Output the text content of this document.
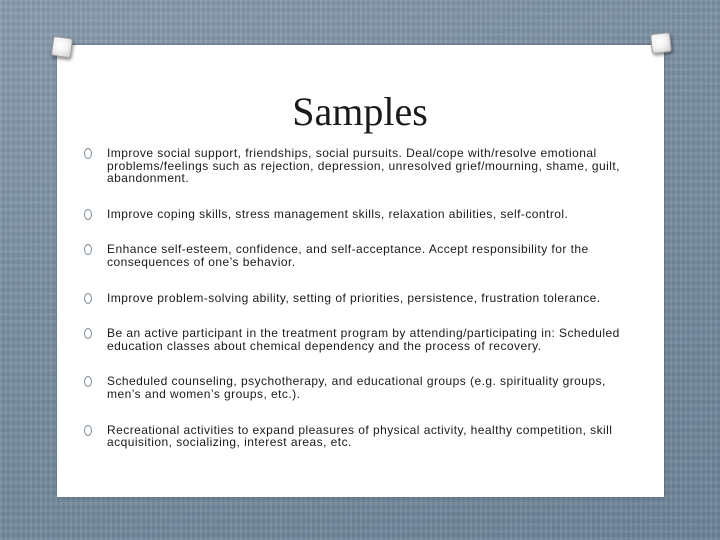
Samples
Improve social support, friendships, social pursuits. Deal/cope with/resolve emotional problems/feelings such as rejection, depression, unresolved grief/mourning, shame, guilt, abandonment.
Improve coping skills, stress management skills, relaxation abilities, self-control.
Enhance self-esteem, confidence, and self-acceptance. Accept responsibility for the consequences of one’s behavior.
Improve problem-solving ability, setting of priorities, persistence, frustration tolerance.
Be an active participant in the treatment program by attending/participating in: Scheduled education classes about chemical dependency and the process of recovery.
Scheduled counseling, psychotherapy, and educational groups (e.g. spirituality groups, men’s and women’s groups, etc.).
Recreational activities to expand pleasures of physical activity, healthy competition, skill acquisition, socializing, interest areas, etc.
